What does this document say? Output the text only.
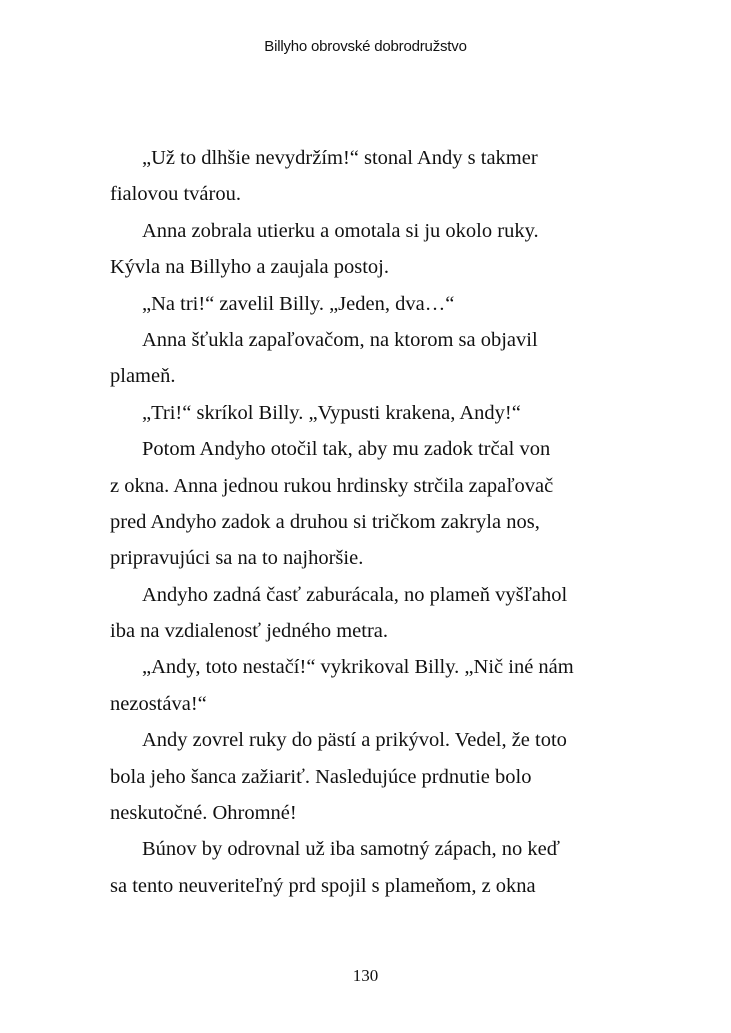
Billyho obrovské dobrodružstvo
„Už to dlhšie nevydržím!“ stonal Andy s takmer
fialovou tvárou.
Anna zobrala utierku a omotala si ju okolo ruky.
Kývla na Billyho a zaujala postoj.
„Na tri!“ zavelil Billy. „Jeden, dva…“
Anna šťukla zapaľovačom, na ktorom sa objavil
plameň.
„Tri!“ skríkol Billy. „Vypusti krakena, Andy!“
Potom Andyho otočil tak, aby mu zadok trčal von
z okna. Anna jednou rukou hrdinsky strčila zapaľovač
pred Andyho zadok a druhou si tričkom zakryla nos,
pripravujúci sa na to najhoršie.
Andyho zadná časť zaburácala, no plameň vyšľahol
iba na vzdialenosť jedného metra.
„Andy, toto nestačí!“ vykrikoval Billy. „Nič iné nám
nezostáva!“
Andy zovrel ruky do pästí a prikývol. Vedel, že toto
bola jeho šanca zažiariť. Nasledujúce prdnutie bolo
neskutočné. Ohromné!
Búnov by odrovnal už iba samotný zápach, no keď
sa tento neuveriteľný prd spojil s plameňom, z okna
130
